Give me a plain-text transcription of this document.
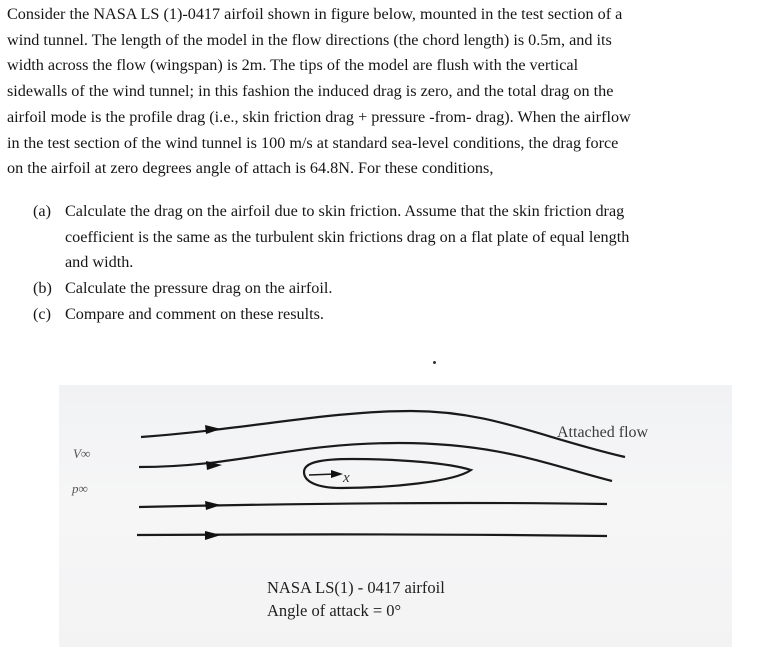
Consider the NASA LS (1)-0417 airfoil shown in figure below, mounted in the test section of a
wind tunnel. The length of the model in the flow directions (the chord length) is 0.5m, and its
width across the flow (wingspan) is 2m. The tips of the model are flush with the vertical
sidewalls of the wind tunnel; in this fashion the induced drag is zero, and the total drag on the
airfoil mode is the profile drag (i.e., skin friction drag + pressure -from- drag). When the airflow
in the test section of the wind tunnel is 100 m/s at standard sea-level conditions, the drag force
on the airfoil at zero degrees angle of attach is 64.8N. For these conditions,
(a) Calculate the drag on the airfoil due to skin friction. Assume that the skin friction drag
coefficient is the same as the turbulent skin frictions drag on a flat plate of equal length
and width.
(b) Calculate the pressure drag on the airfoil.
(c) Compare and comment on these results.
Attached flow
V∞
p∞
x
NASA LS(1) - 0417 airfoil
Angle of attack = 0°
